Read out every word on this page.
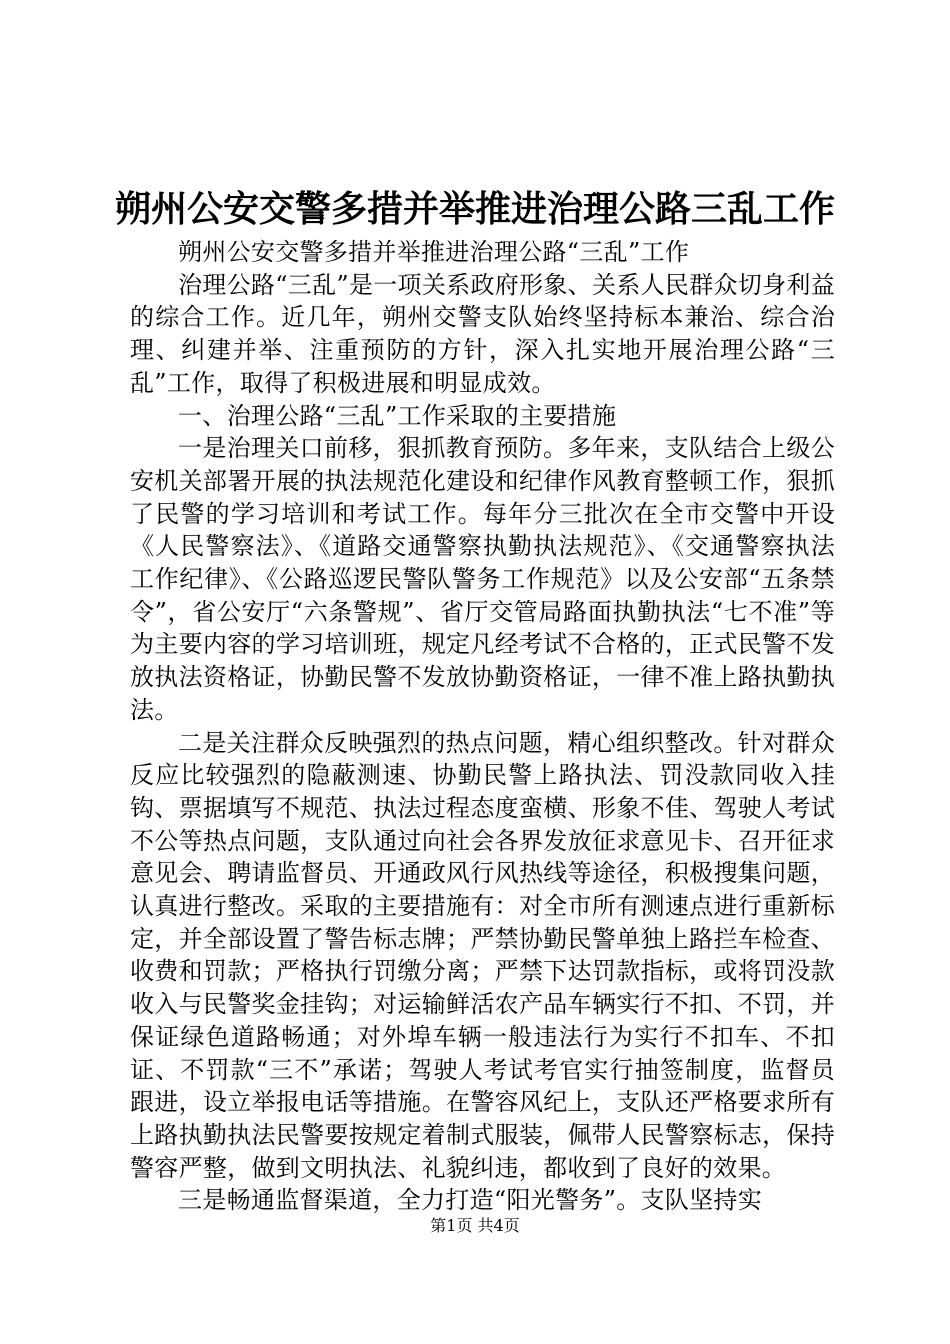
朔州公安交警多措并举推进治理公路三乱工作

朔州公安交警多措并举推进治理公路“三乱”工作

治理公路“三乱”是一项关系政府形象、关系人民群众切身利益的综合工作。近几年，朔州交警支队始终坚持标本兼治、综合治理、纠建并举、注重预防的方针，深入扎实地开展治理公路“三乱”工作，取得了积极进展和明显成效。

一、治理公路“三乱”工作采取的主要措施

一是治理关口前移，狠抓教育预防。多年来，支队结合上级公安机关部署开展的执法规范化建设和纪律作风教育整顿工作，狠抓了民警的学习培训和考试工作。每年分三批次在全市交警中开设《人民警察法》、《道路交通警察执勤执法规范》、《交通警察执法工作纪律》、《公路巡逻民警队警务工作规范》以及公安部“五条禁令”，省公安厅“六条警规”、省厅交管局路面执勤执法“七不准”等为主要内容的学习培训班，规定凡经考试不合格的，正式民警不发放执法资格证，协勤民警不发放协勤资格证，一律不准上路执勤执法。

二是关注群众反映强烈的热点问题，精心组织整改。针对群众反应比较强烈的隐蔽测速、协勤民警上路执法、罚没款同收入挂钩、票据填写不规范、执法过程态度蛮横、形象不佳、驾驶人考试不公等热点问题，支队通过向社会各界发放征求意见卡、召开征求意见会、聘请监督员、开通政风行风热线等途径，积极搜集问题，认真进行整改。采取的主要措施有：对全市所有测速点进行重新标定，并全部设置了警告标志牌；严禁协勤民警单独上路拦车检查、收费和罚款；严格执行罚缴分离；严禁下达罚款指标，或将罚没款收入与民警奖金挂钩；对运输鲜活农产品车辆实行不扣、不罚，并保证绿色道路畅通；对外埠车辆一般违法行为实行不扣车、不扣证、不罚款“三不”承诺；驾驶人考试考官实行抽签制度，监督员跟进，设立举报电话等措施。在警容风纪上，支队还严格要求所有上路执勤执法民警要按规定着制式服装，佩带人民警察标志，保持警容严整，做到文明执法、礼貌纠违，都收到了良好的效果。

三是畅通监督渠道，全力打造“阳光警务”。支队坚持实

第1页 共4页
